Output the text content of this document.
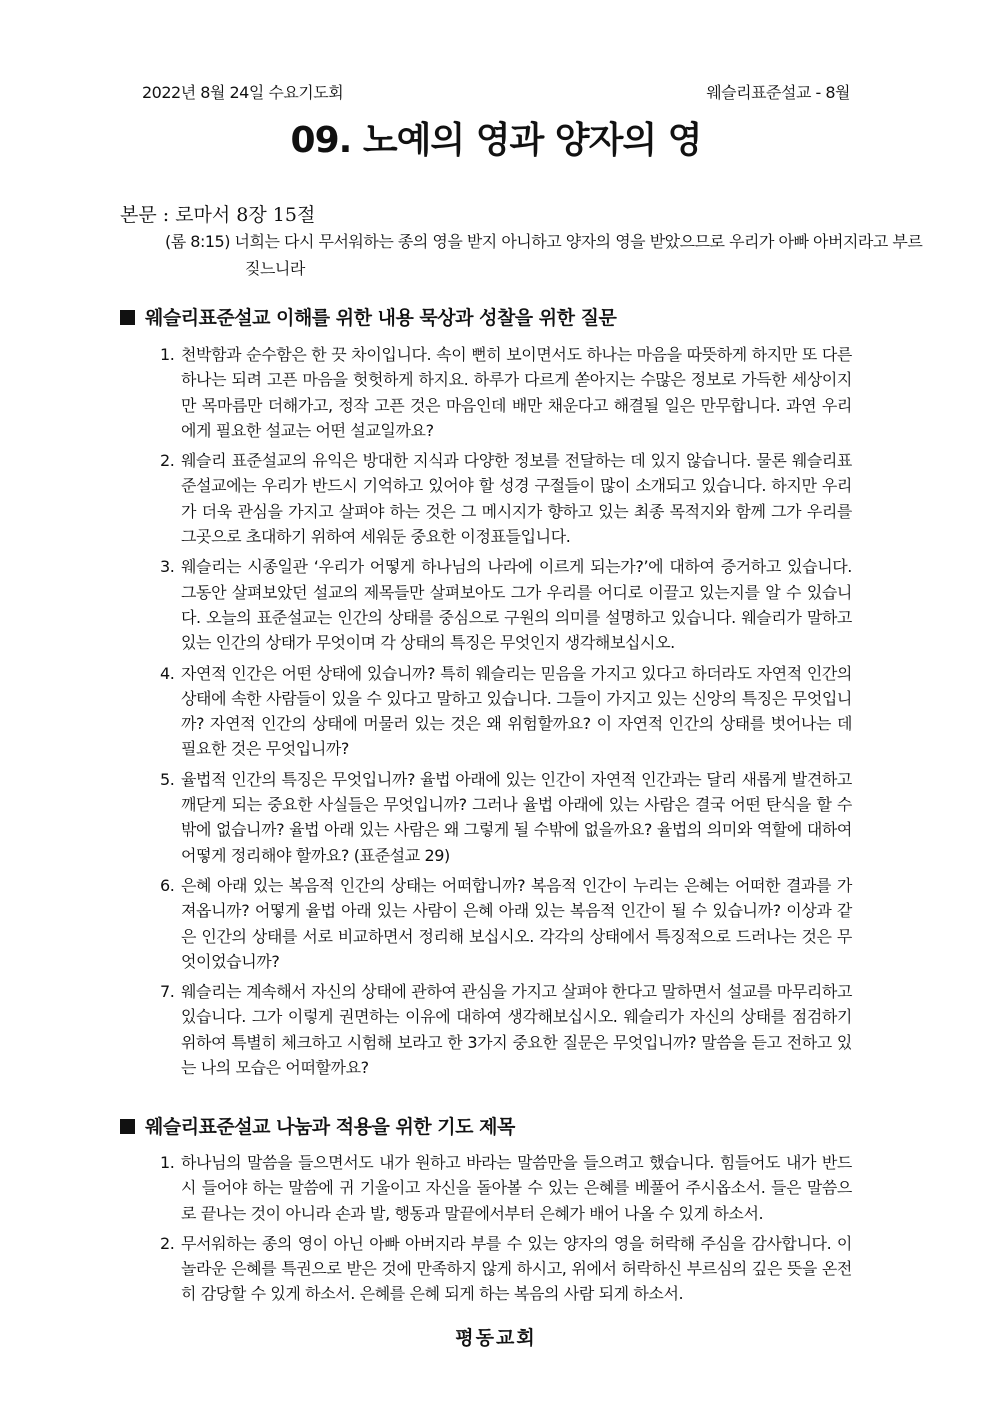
2022년 8월 24일 수요기도회	웨슬리표준설교 - 8월
09. 노예의 영과 양자의 영
본문 : 로마서 8장 15절
(롬 8:15) 너희는 다시 무서워하는 종의 영을 받지 아니하고 양자의 영을 받았으므로 우리가 아빠 아버지라고 부르짖느니라
웨슬리표준설교 이해를 위한 내용 묵상과 성찰을 위한 질문
1. 천박함과 순수함은 한 끗 차이입니다. 속이 뻔히 보이면서도 하나는 마음을 따뜻하게 하지만 또 다른 하나는 되려 고픈 마음을 헛헛하게 하지요. 하루가 다르게 쏟아지는 수많은 정보로 가득한 세상이지만 목마름만 더해가고, 정작 고픈 것은 마음인데 배만 채운다고 해결될 일은 만무합니다. 과연 우리에게 필요한 설교는 어떤 설교일까요?
2. 웨슬리 표준설교의 유익은 방대한 지식과 다양한 정보를 전달하는 데 있지 않습니다. 물론 웨슬리표준설교에는 우리가 반드시 기억하고 있어야 할 성경 구절들이 많이 소개되고 있습니다. 하지만 우리가 더욱 관심을 가지고 살펴야 하는 것은 그 메시지가 향하고 있는 최종 목적지와 함께 그가 우리를 그곳으로 초대하기 위하여 세워둔 중요한 이정표들입니다.
3. 웨슬리는 시종일관 ‘우리가 어떻게 하나님의 나라에 이르게 되는가?’에 대하여 증거하고 있습니다. 그동안 살펴보았던 설교의 제목들만 살펴보아도 그가 우리를 어디로 이끌고 있는지를 알 수 있습니다. 오늘의 표준설교는 인간의 상태를 중심으로 구원의 의미를 설명하고 있습니다. 웨슬리가 말하고 있는 인간의 상태가 무엇이며 각 상태의 특징은 무엇인지 생각해보십시오.
4. 자연적 인간은 어떤 상태에 있습니까? 특히 웨슬리는 믿음을 가지고 있다고 하더라도 자연적 인간의 상태에 속한 사람들이 있을 수 있다고 말하고 있습니다. 그들이 가지고 있는 신앙의 특징은 무엇입니까? 자연적 인간의 상태에 머물러 있는 것은 왜 위험할까요? 이 자연적 인간의 상태를 벗어나는 데 필요한 것은 무엇입니까?
5. 율법적 인간의 특징은 무엇입니까? 율법 아래에 있는 인간이 자연적 인간과는 달리 새롭게 발견하고 깨닫게 되는 중요한 사실들은 무엇입니까? 그러나 율법 아래에 있는 사람은 결국 어떤 탄식을 할 수밖에 없습니까? 율법 아래 있는 사람은 왜 그렇게 될 수밖에 없을까요? 율법의 의미와 역할에 대하여 어떻게 정리해야 할까요? (표준설교 29)
6. 은혜 아래 있는 복음적 인간의 상태는 어떠합니까? 복음적 인간이 누리는 은혜는 어떠한 결과를 가져옵니까? 어떻게 율법 아래 있는 사람이 은혜 아래 있는 복음적 인간이 될 수 있습니까? 이상과 같은 인간의 상태를 서로 비교하면서 정리해 보십시오. 각각의 상태에서 특징적으로 드러나는 것은 무엇이었습니까?
7. 웨슬리는 계속해서 자신의 상태에 관하여 관심을 가지고 살펴야 한다고 말하면서 설교를 마무리하고 있습니다. 그가 이렇게 권면하는 이유에 대하여 생각해보십시오. 웨슬리가 자신의 상태를 점검하기 위하여 특별히 체크하고 시험해 보라고 한 3가지 중요한 질문은 무엇입니까? 말씀을 듣고 전하고 있는 나의 모습은 어떠할까요?
웨슬리표준설교 나눔과 적용을 위한 기도 제목
1. 하나님의 말씀을 들으면서도 내가 원하고 바라는 말씀만을 들으려고 했습니다. 힘들어도 내가 반드시 들어야 하는 말씀에 귀 기울이고 자신을 돌아볼 수 있는 은혜를 베풀어 주시옵소서. 들은 말씀으로 끝나는 것이 아니라 손과 발, 행동과 말끝에서부터 은혜가 배어 나올 수 있게 하소서.
2. 무서워하는 종의 영이 아닌 아빠 아버지라 부를 수 있는 양자의 영을 허락해 주심을 감사합니다. 이 놀라운 은혜를 특권으로 받은 것에 만족하지 않게 하시고, 위에서 허락하신 부르심의 깊은 뜻을 온전히 감당할 수 있게 하소서. 은혜를 은혜 되게 하는 복음의 사람 되게 하소서.
평동교회
